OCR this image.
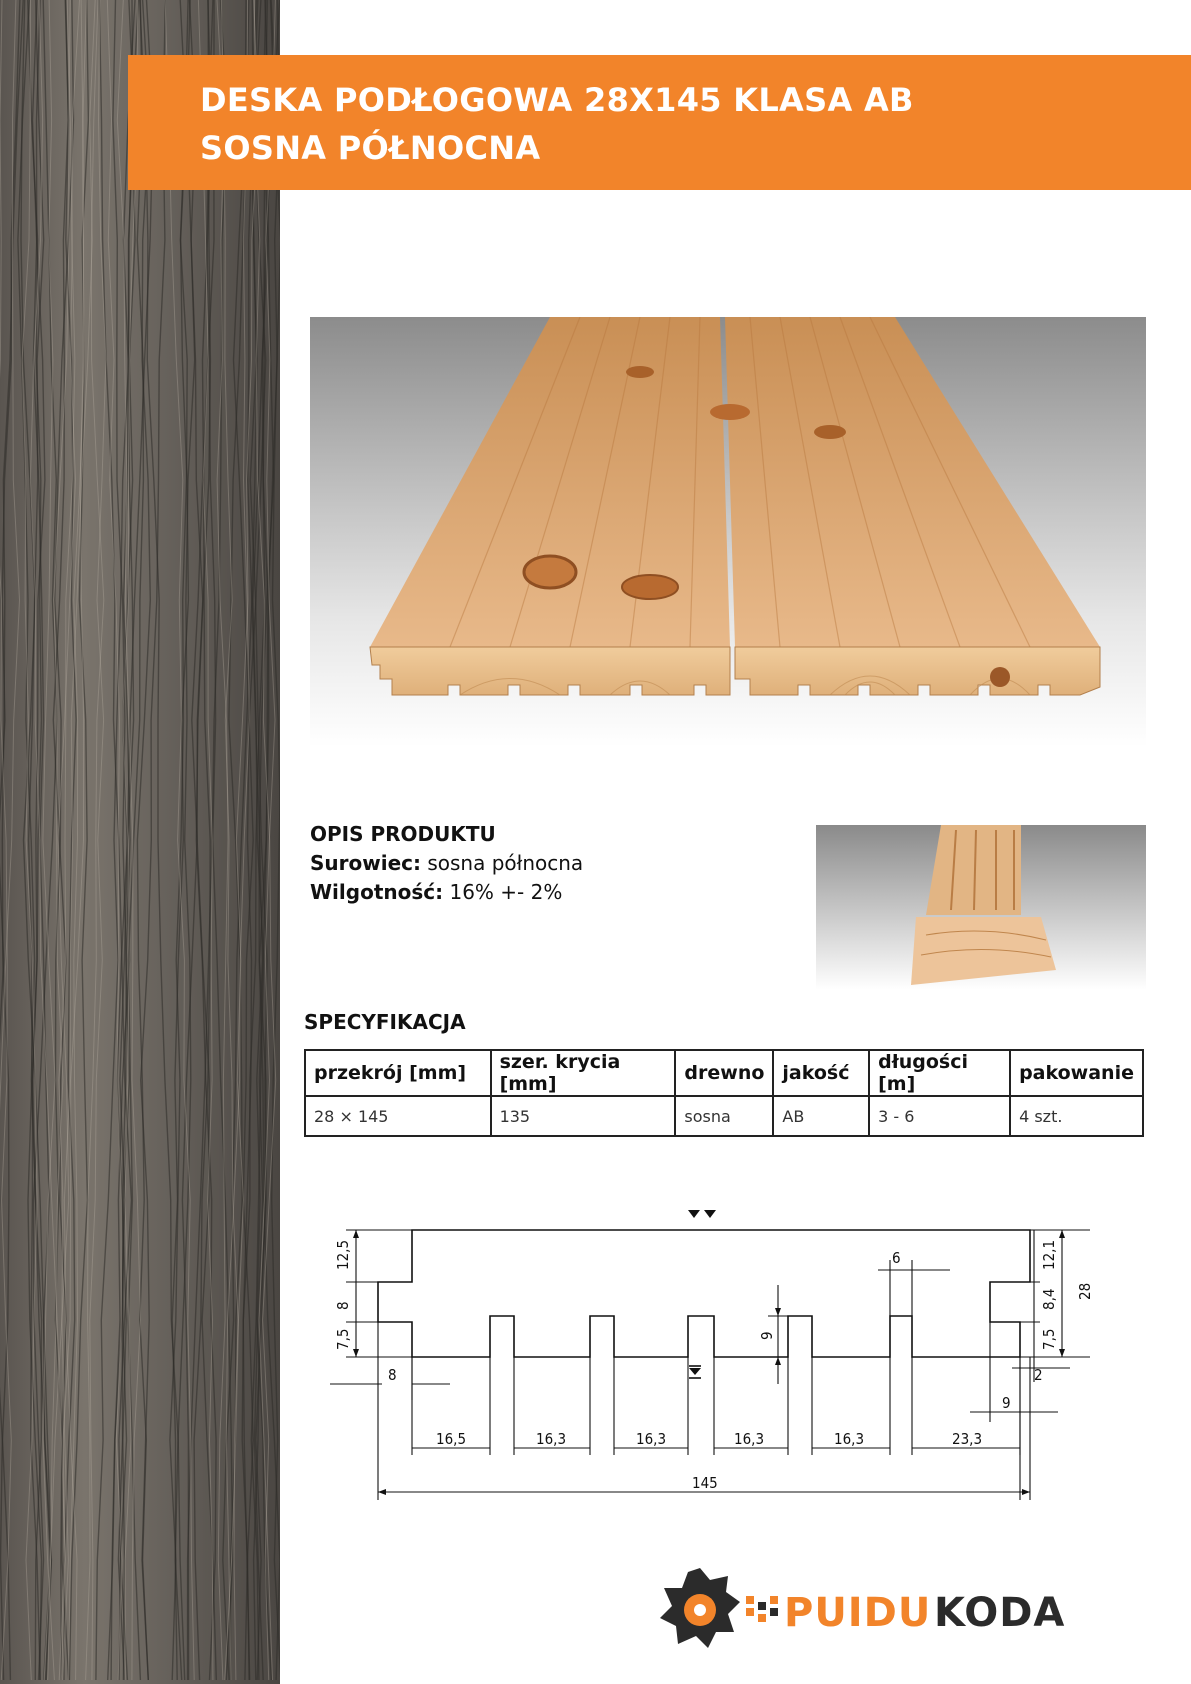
DESKA PODŁOGOWA 28X145 KLASA AB
SOSNA PÓŁNOCNA
OPIS PRODUKTU
Surowiec: sosna północna
Wilgotność: 16% +- 2%
SPECYFIKACJA
przekrój [mm]	szer. krycia [mm]	drewno	jakość	długości [m]	pakowanie
28 × 145	135	sosna	AB	3 - 6	4 szt.
12,5
8
7,5
8
12,1
8,4
7,5
28
9
6
2
9
16,5	16,3	16,3	16,3	16,3	23,3
145
PUIDU KODA
